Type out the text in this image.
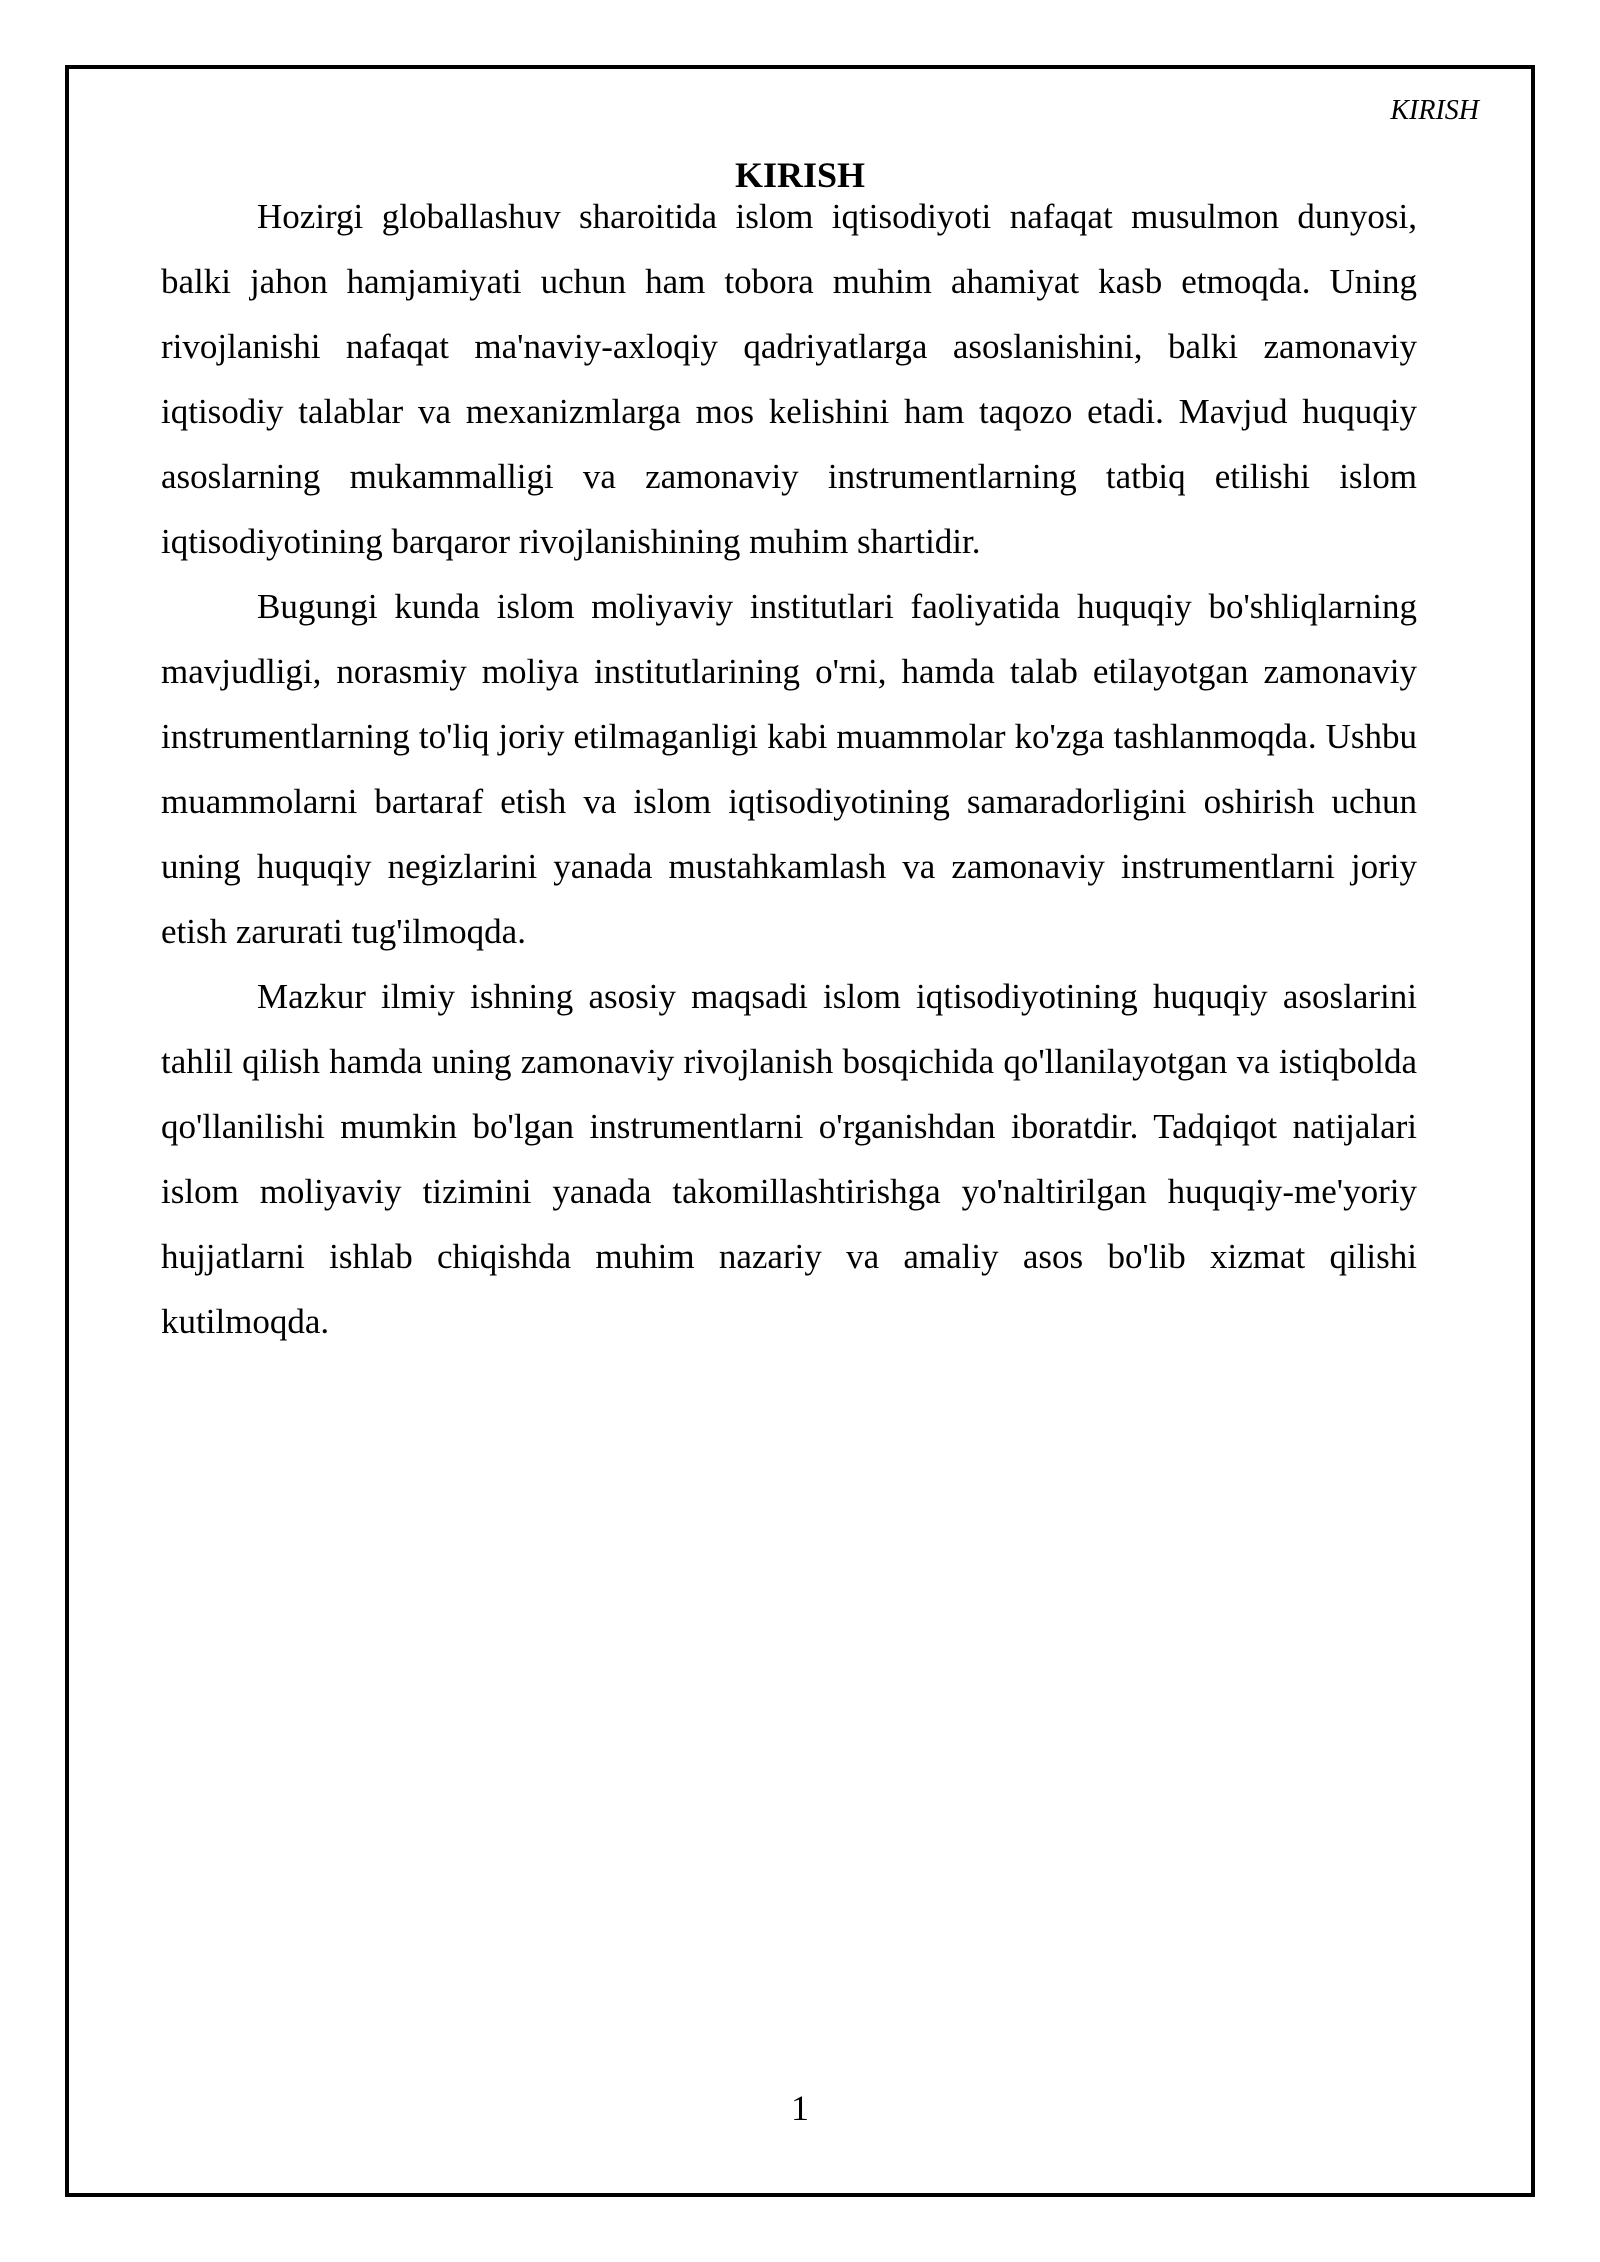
KIRISH
KIRISH
1

Hozirgi globallashuv sharoitida islom iqtisodiyoti nafaqat musulmon dunyosi, balki jahon hamjamiyati uchun ham tobora muhim ahamiyat kasb etmoqda. Uning rivojlanishi nafaqat ma'naviy-axloqiy qadriyatlarga asoslanishini, balki zamonaviy iqtisodiy talablar va mexanizmlarga mos kelishini ham taqozo etadi. Mavjud huquqiy asoslarning mukammalligi va zamonaviy instrumentlarning tatbiq etilishi islom iqtisodiyotining barqaror rivojlanishining muhim shartidir.

Bugungi kunda islom moliyaviy institutlari faoliyatida huquqiy bo'shliqlarning mavjudligi, norasmiy moliya institutlarining o'rni, hamda talab etilayotgan zamonaviy instrumentlarning to'liq joriy etilmaganligi kabi muammolar ko'zga tashlanmoqda. Ushbu muammolarni bartaraf etish va islom iqtisodiyotining samaradorligini oshirish uchun uning huquqiy negizlarini yanada mustahkamlash va zamonaviy instrumentlarni joriy etish zarurati tug'ilmoqda.

Mazkur ilmiy ishning asosiy maqsadi islom iqtisodiyotining huquqiy asoslarini tahlil qilish hamda uning zamonaviy rivojlanish bosqichida qo'llanilayotgan va istiqbolda qo'llanilishi mumkin bo'lgan instrumentlarni o'rganishdan iboratdir. Tadqiqot natijalari islom moliyaviy tizimini yanada takomillashtirishga yo'naltirilgan huquqiy-me'yoriy hujjatlarni ishlab chiqishda muhim nazariy va amaliy asos bo'lib xizmat qilishi kutilmoqda.
